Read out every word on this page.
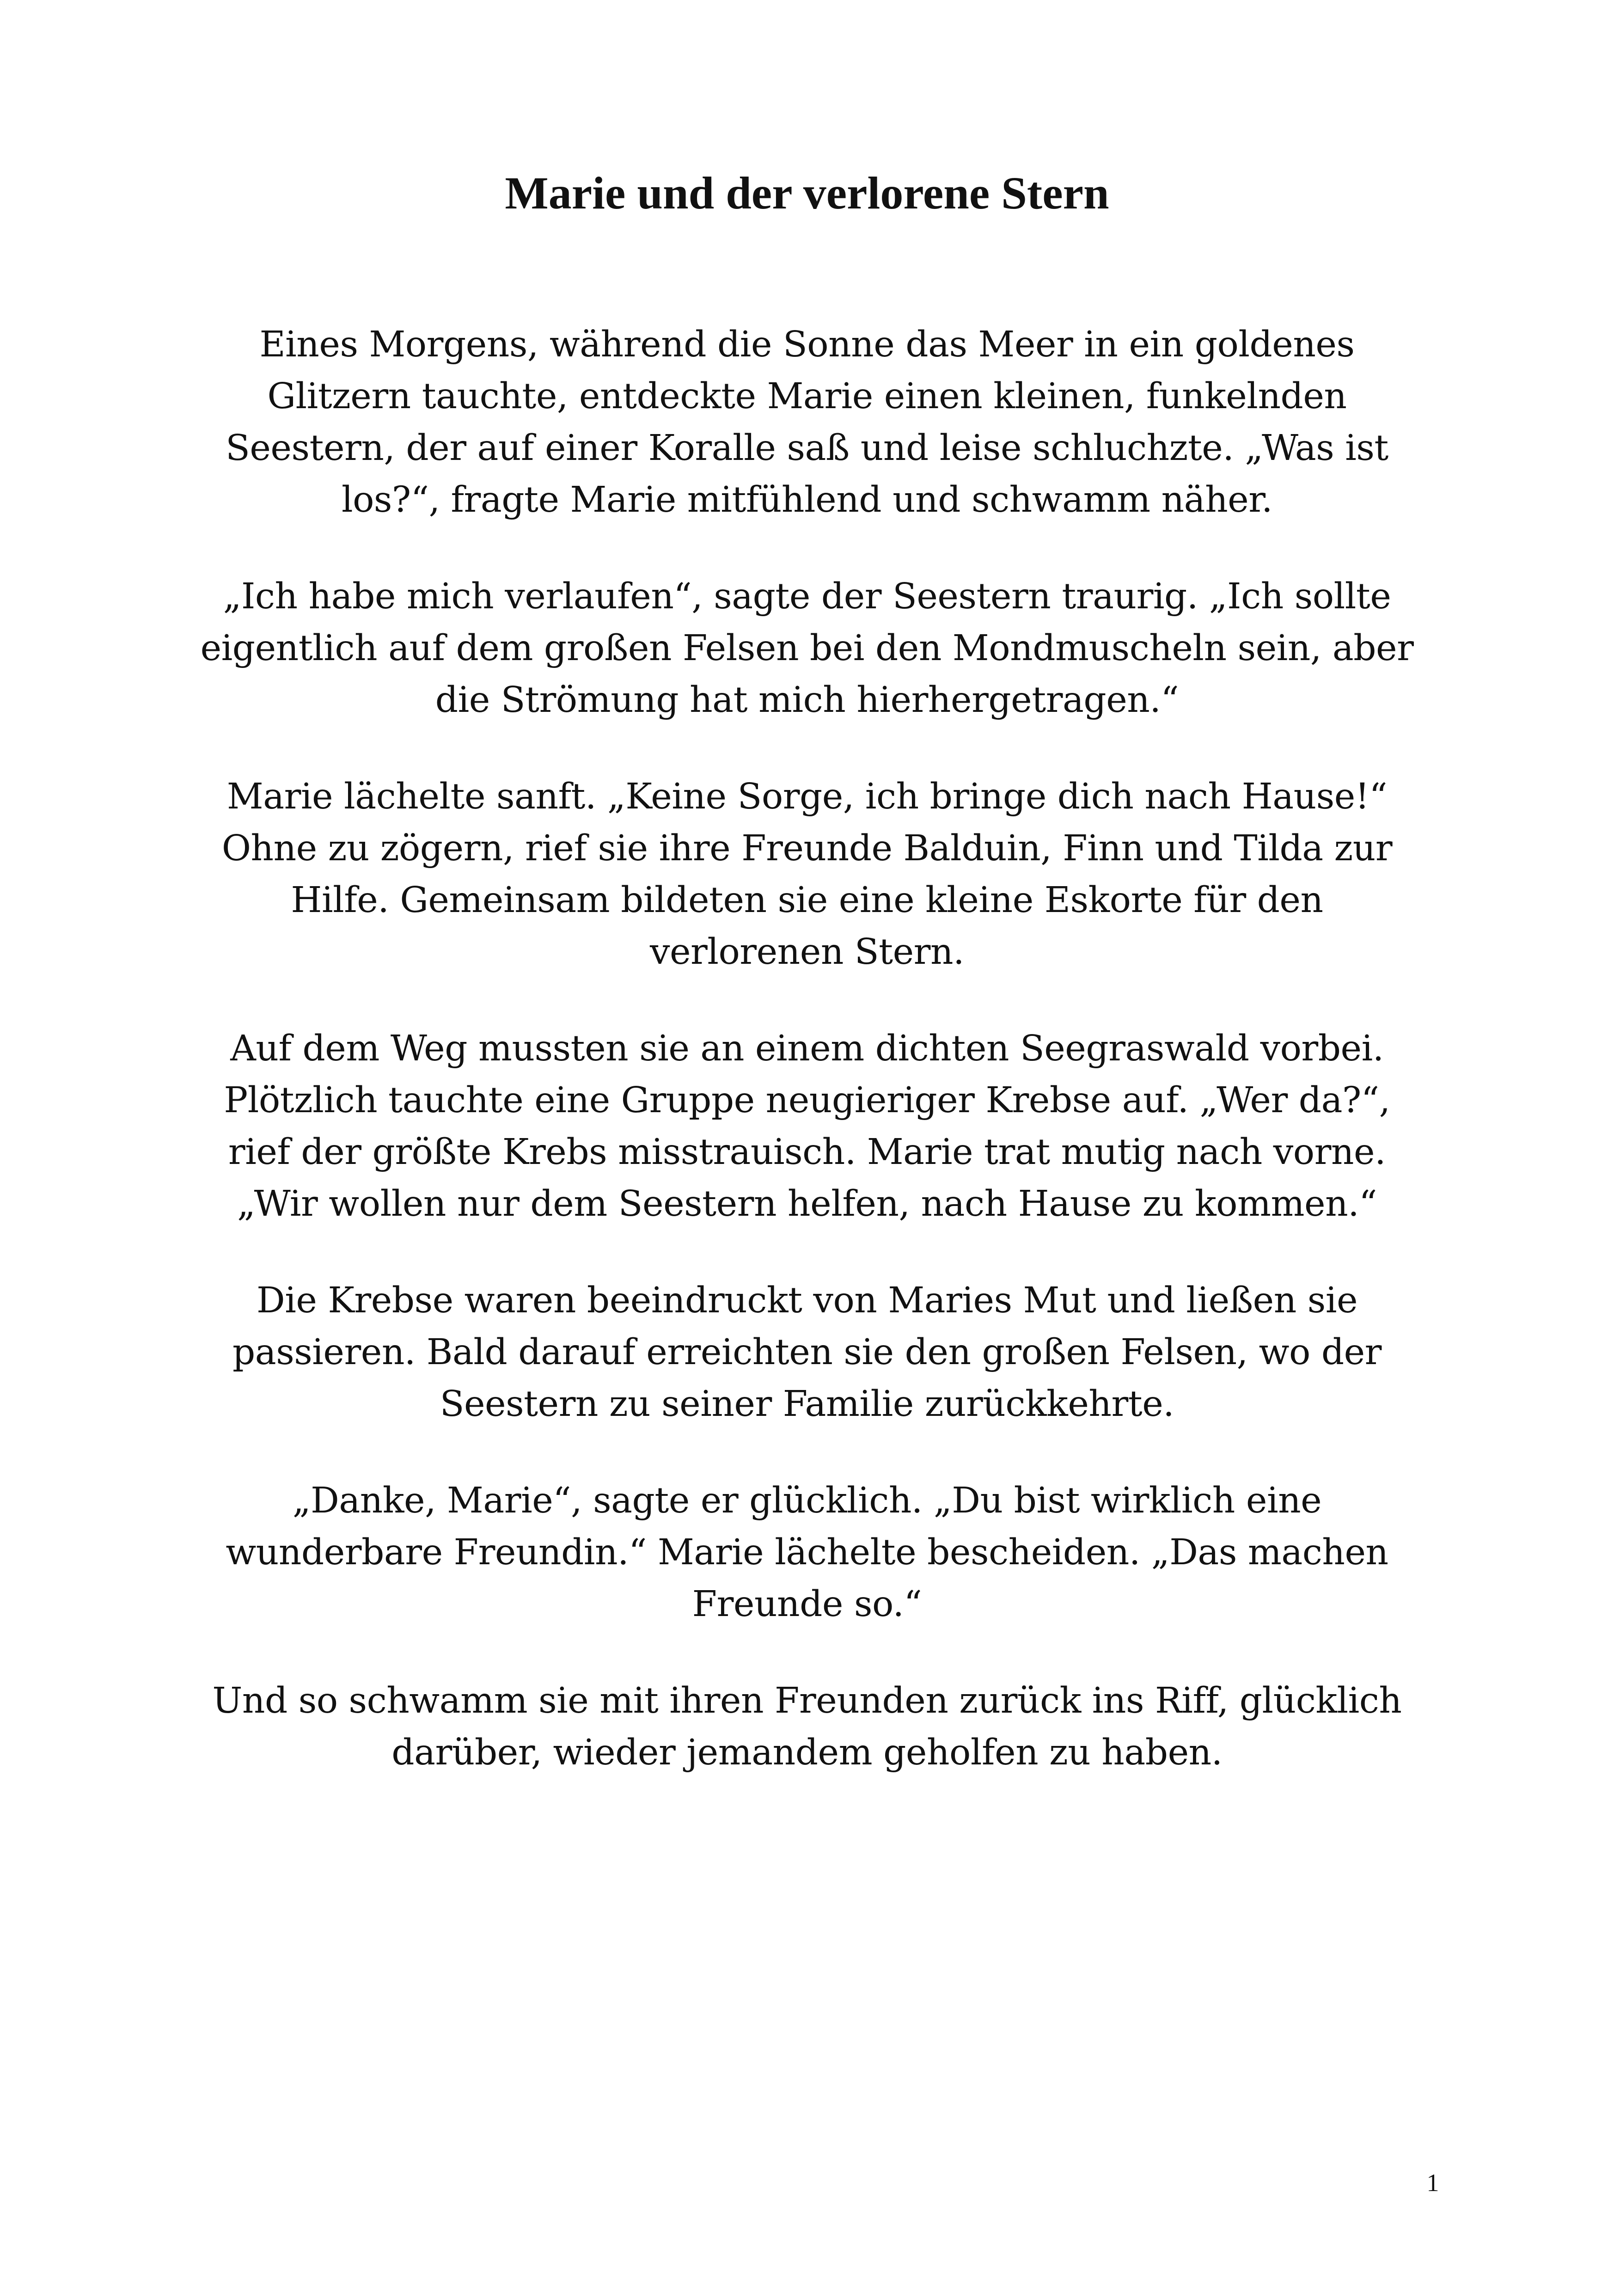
Marie und der verlorene Stern

Eines Morgens, während die Sonne das Meer in ein goldenes
Glitzern tauchte, entdeckte Marie einen kleinen, funkelnden
Seestern, der auf einer Koralle saß und leise schluchzte. „Was ist
los?“, fragte Marie mitfühlend und schwamm näher.

„Ich habe mich verlaufen“, sagte der Seestern traurig. „Ich sollte
eigentlich auf dem großen Felsen bei den Mondmuscheln sein, aber
die Strömung hat mich hierhergetragen.“

Marie lächelte sanft. „Keine Sorge, ich bringe dich nach Hause!“
Ohne zu zögern, rief sie ihre Freunde Balduin, Finn und Tilda zur
Hilfe. Gemeinsam bildeten sie eine kleine Eskorte für den
verlorenen Stern.

Auf dem Weg mussten sie an einem dichten Seegraswald vorbei.
Plötzlich tauchte eine Gruppe neugieriger Krebse auf. „Wer da?“,
rief der größte Krebs misstrauisch. Marie trat mutig nach vorne.
„Wir wollen nur dem Seestern helfen, nach Hause zu kommen.“

Die Krebse waren beeindruckt von Maries Mut und ließen sie
passieren. Bald darauf erreichten sie den großen Felsen, wo der
Seestern zu seiner Familie zurückkehrte.

„Danke, Marie“, sagte er glücklich. „Du bist wirklich eine
wunderbare Freundin.“ Marie lächelte bescheiden. „Das machen
Freunde so.“

Und so schwamm sie mit ihren Freunden zurück ins Riff, glücklich
darüber, wieder jemandem geholfen zu haben.

1
